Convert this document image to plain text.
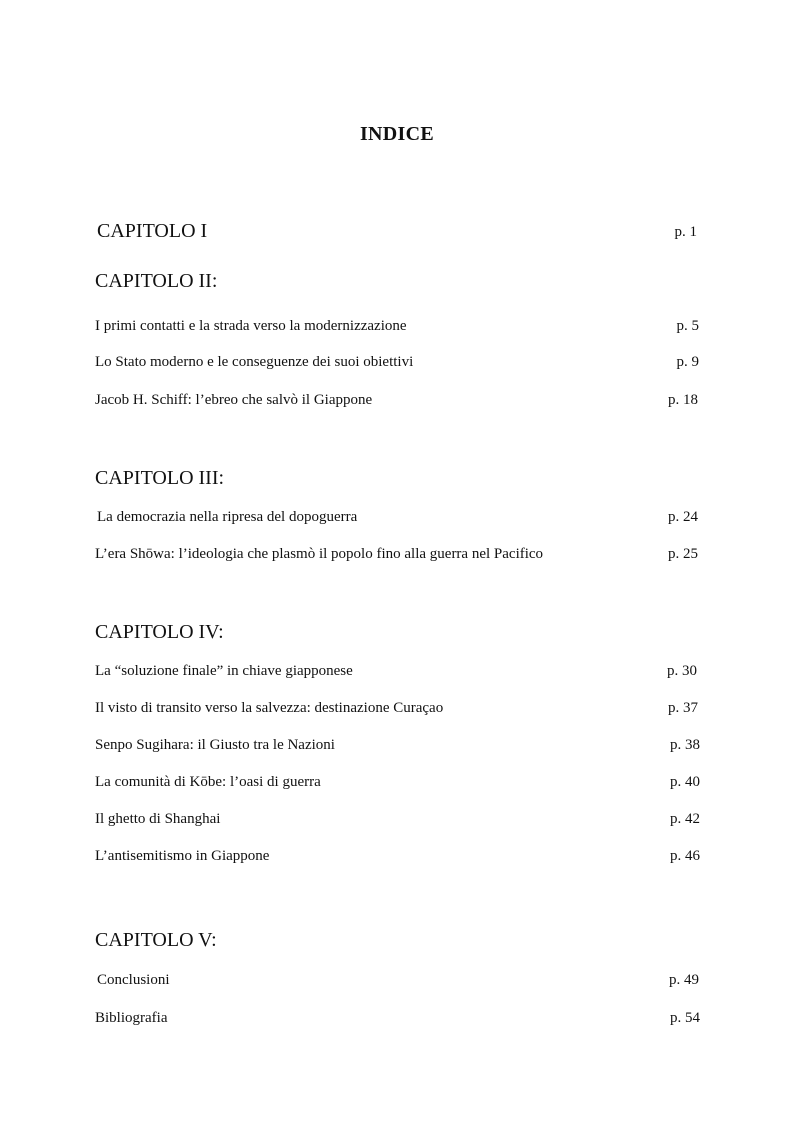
INDICE
CAPITOLO I	p. 1
CAPITOLO II:
I primi contatti e la strada verso la modernizzazione	p. 5
Lo Stato moderno e le conseguenze dei suoi obiettivi	p. 9
Jacob H. Schiff: l’ebreo che salvò il Giappone	p. 18
CAPITOLO III:
La democrazia nella ripresa del dopoguerra	p. 24
L’era Shōwa: l’ideologia che plasmò il popolo fino alla guerra nel Pacifico	p. 25
CAPITOLO IV:
La “soluzione finale” in chiave giapponese	p. 30
Il visto di transito verso la salvezza: destinazione Curaçao	p. 37
Senpo Sugihara: il Giusto tra le Nazioni	p. 38
La comunità di Kōbe: l’oasi di guerra	p. 40
Il ghetto di Shanghai	p. 42
L’antisemitismo in Giappone	p. 46
CAPITOLO V:
Conclusioni	p. 49
Bibliografia	p. 54
